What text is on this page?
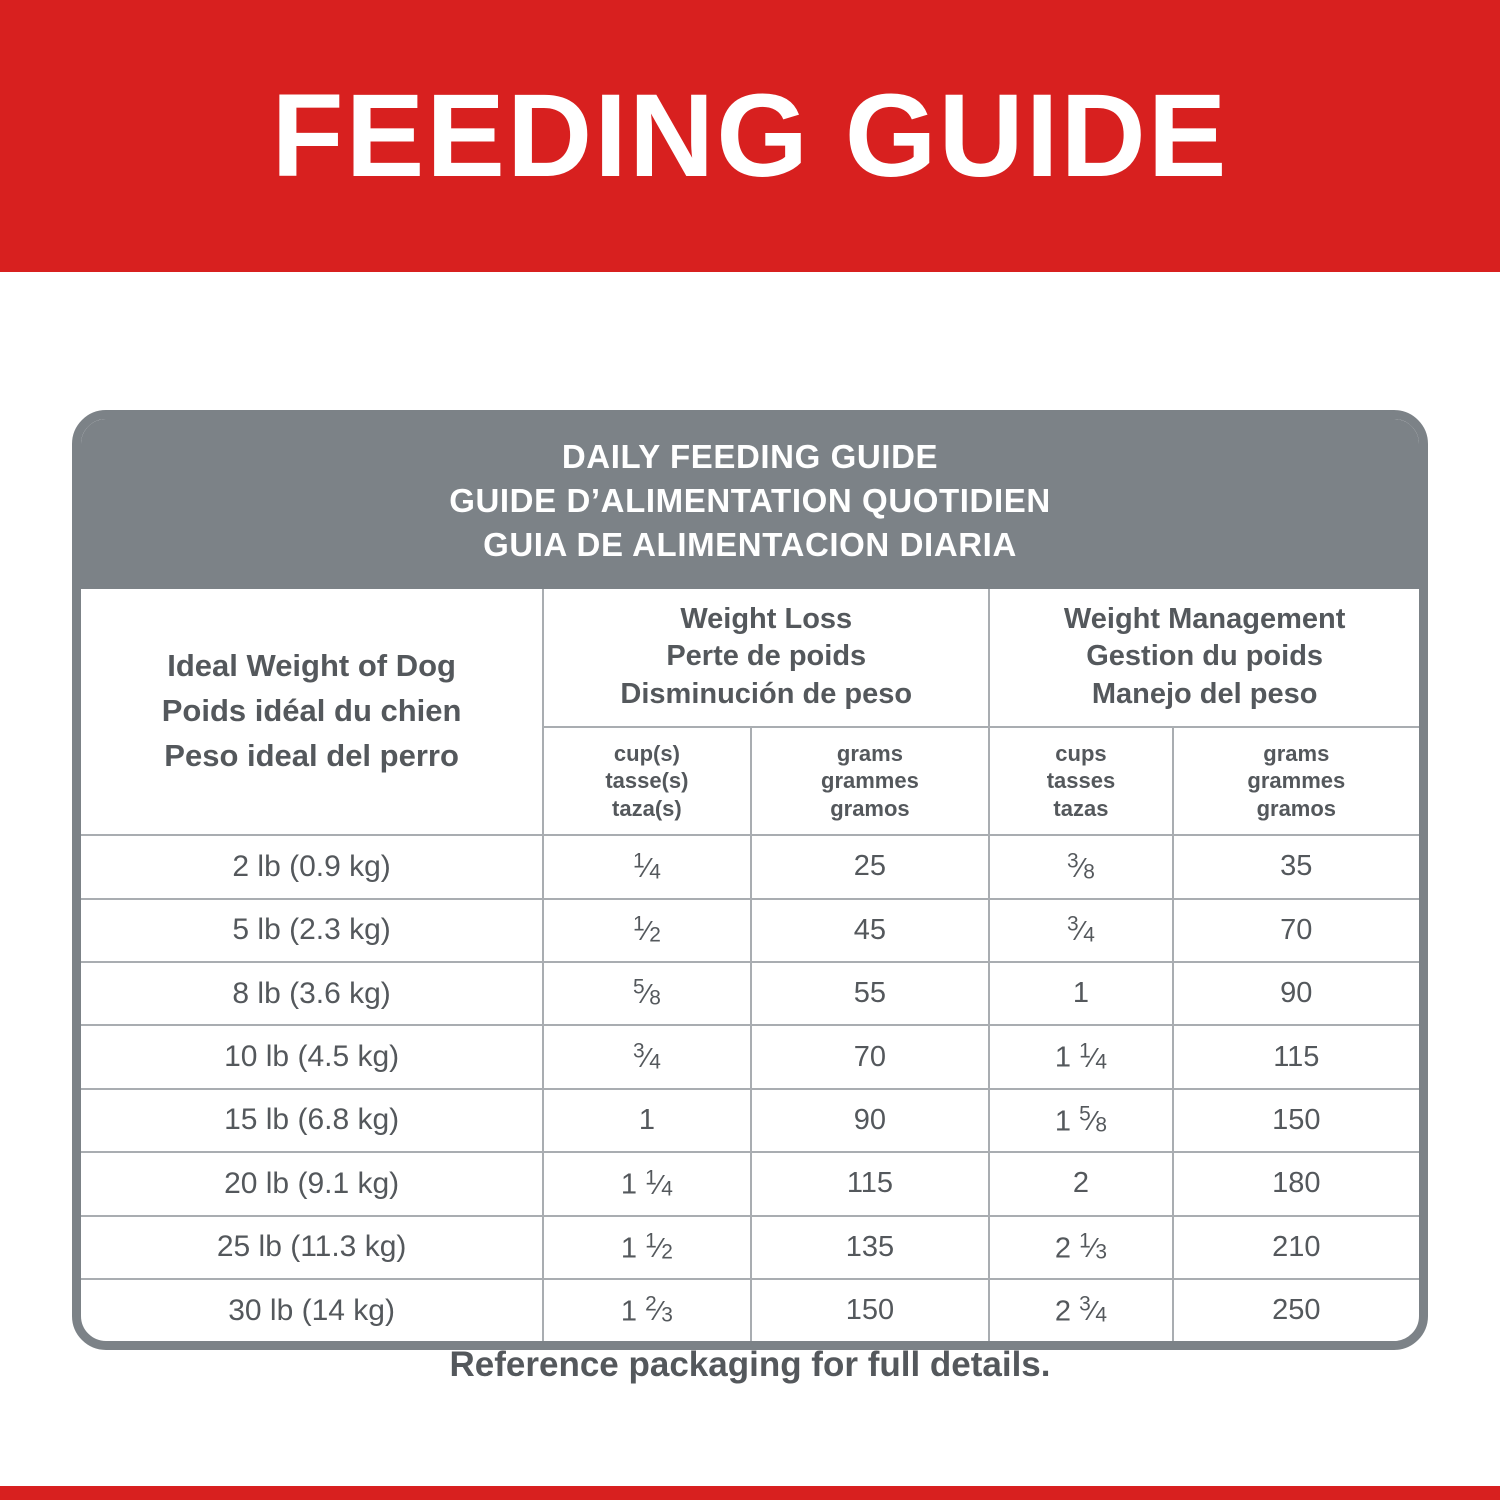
FEEDING GUIDE
DAILY FEEDING GUIDE
GUIDE D’ALIMENTATION QUOTIDIEN
GUIA DE ALIMENTACION DIARIA
Ideal Weight of Dog
Poids idéal du chien
Peso ideal del perro

Weight Loss
Perte de poids
Disminución de peso

Weight Management
Gestion du poids
Manejo del peso

cup(s)
tasse(s)
taza(s)

grams
grammes
gramos

cups
tasses
tazas

grams
grammes
gramos

2 lb (0.9 kg)	$^1⁄_4$	25	$^3⁄_8$	35
5 lb (2.3 kg)	$^1⁄_2$	45	$^3⁄_4$	70
8 lb (3.6 kg)	$^5⁄_8$	55	1	90
10 lb (4.5 kg)	$^3⁄_4$	70	1 $^1⁄_4$	115
15 lb (6.8 kg)	1	90	1 $^5⁄_8$	150
20 lb (9.1 kg)	1 $^1⁄_4$	115	2	180
25 lb (11.3 kg)	1 $^1⁄_2$	135	2 $^1⁄_3$	210
30 lb (14 kg)	1 $^2⁄_3$	150	2 $^3⁄_4$	250
Reference packaging for full details.
